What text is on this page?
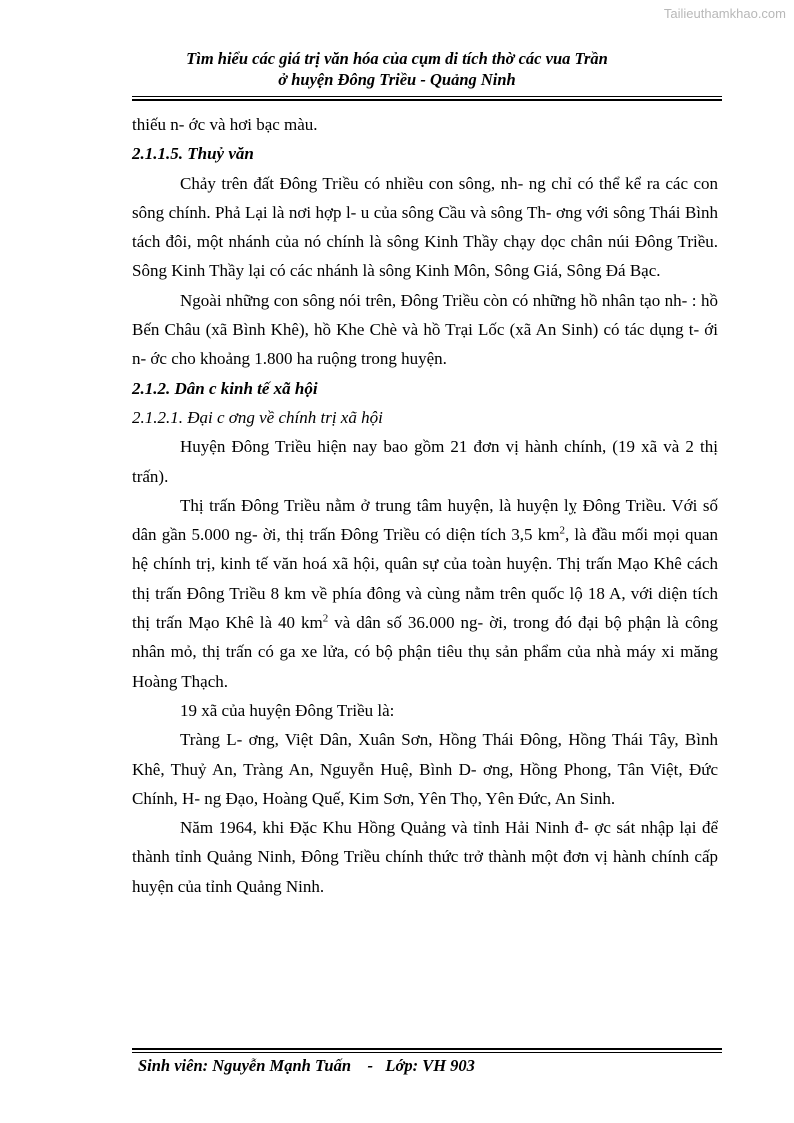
Tailieuthamkhao.com
Tìm hiểu các giá trị văn hóa của cụm di tích thờ các vua Trần
ở huyện Đông Triều - Quảng Ninh

thiếu n- ớc và hơi bạc màu.

2.1.1.5. Thuỷ văn

Chảy trên đất Đông Triều có nhiều con sông, nh- ng chỉ có thể kể ra các con sông chính. Phả Lại là nơi hợp l- u của sông Cầu và sông Th- ơng với sông Thái Bình tách đôi, một nhánh của nó chính là sông Kinh Thầy chạy dọc chân núi Đông Triều. Sông Kinh Thầy lại có các nhánh là sông Kinh Môn, Sông Giá, Sông Đá Bạc.

Ngoài những con sông nói trên, Đông Triều còn có những hồ nhân tạo nh- : hồ Bến Châu (xã Bình Khê), hồ Khe Chè và hồ Trại Lốc (xã An Sinh) có tác dụng t- ới n- ớc cho khoảng 1.800 ha ruộng trong huyện.

2.1.2. Dân c kinh tế xã hội

2.1.2.1. Đại c ơng về chính trị xã hội

Huyện Đông Triều hiện nay bao gồm 21 đơn vị hành chính, (19 xã và 2 thị trấn).

Thị trấn Đông Triều nằm ở trung tâm huyện, là huyện lỵ Đông Triều. Với số dân gần 5.000 ng- ời, thị trấn Đông Triều có diện tích 3,5 $km^2$, là đầu mối mọi quan hệ chính trị, kinh tế văn hoá xã hội, quân sự của toàn huyện. Thị trấn Mạo Khê cách thị trấn Đông Triều 8 km về phía đông và cùng nằm trên quốc lộ 18 A, với diện tích thị trấn Mạo Khê là 40 $km^2$ và dân số 36.000 ng- ời, trong đó đại bộ phận là công nhân mỏ, thị trấn có ga xe lửa, có bộ phận tiêu thụ sản phẩm của nhà máy xi măng Hoàng Thạch.

19 xã của huyện Đông Triều là:

Tràng L- ơng, Việt Dân, Xuân Sơn, Hồng Thái Đông, Hồng Thái Tây, Bình Khê, Thuỷ An, Tràng An, Nguyễn Huệ, Bình D- ơng, Hồng Phong, Tân Việt, Đức Chính, H- ng Đạo, Hoàng Quế, Kim Sơn, Yên Thọ, Yên Đức, An Sinh.

Năm 1964, khi Đặc Khu Hồng Quảng và tỉnh Hải Ninh đ- ợc sát nhập lại để thành tỉnh Quảng Ninh, Đông Triều chính thức trở thành một đơn vị hành chính cấp huyện của tỉnh Quảng Ninh.

Sinh viên: Nguyễn Mạnh Tuấn    -   Lớp: VH 903
